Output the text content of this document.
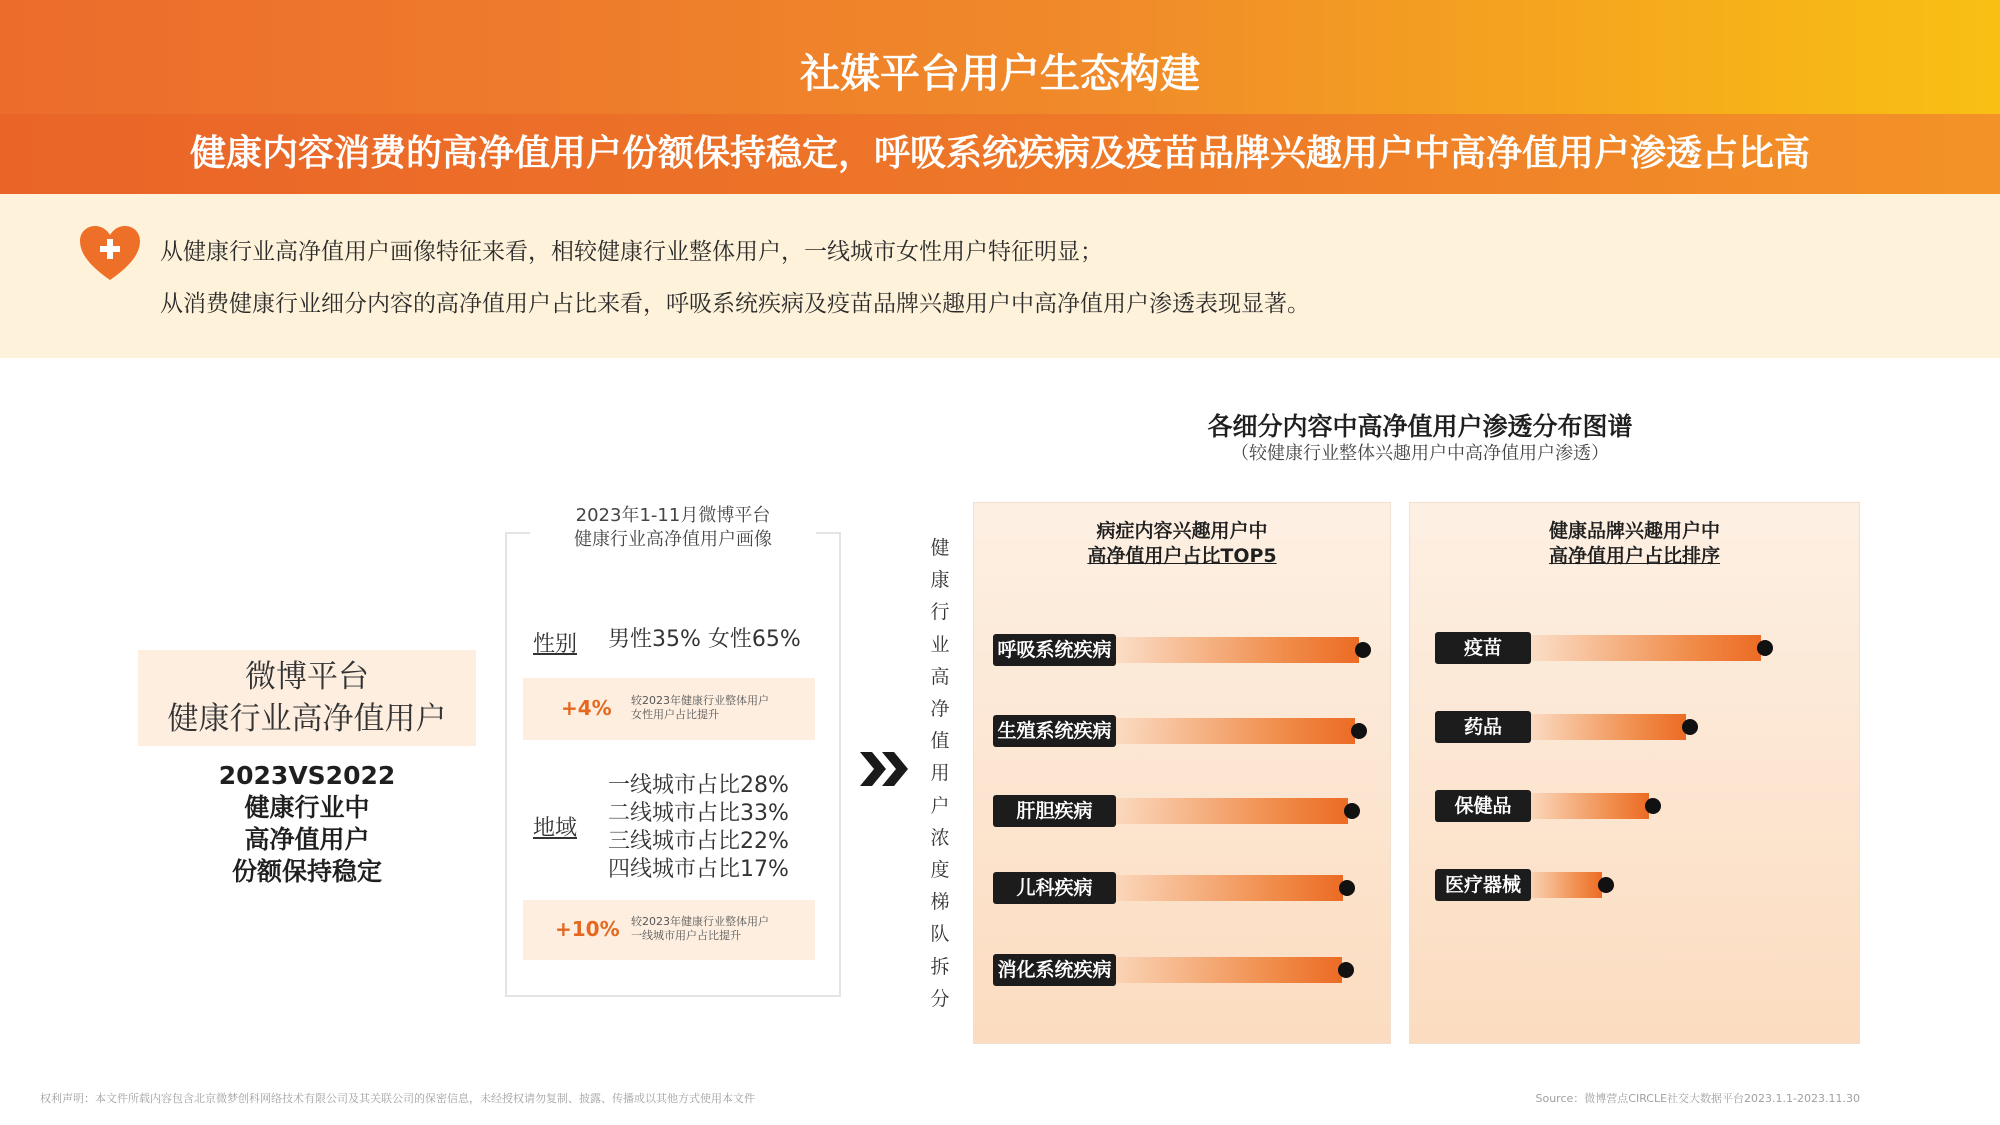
社媒平台用户生态构建
健康内容消费的高净值用户份额保持稳定，呼吸系统疾病及疫苗品牌兴趣用户中高净值用户渗透占比高
从健康行业高净值用户画像特征来看，相较健康行业整体用户，一线城市女性用户特征明显；
从消费健康行业细分内容的高净值用户占比来看，呼吸系统疾病及疫苗品牌兴趣用户中高净值用户渗透表现显著。
微博平台
健康行业高净值用户
2023VS2022
健康行业中
高净值用户
份额保持稳定
2023年1-11月微博平台
健康行业高净值用户画像
性别 男性35% 女性65%
+4% 较2023年健康行业整体用户
女性用户占比提升
地域
一线城市占比28%
二线城市占比33%
三线城市占比22%
四线城市占比17%
+10% 较2023年健康行业整体用户
一线城市用户占比提升
健康行业高净值用户浓度梯队拆分
各细分内容中高净值用户渗透分布图谱
（较健康行业整体兴趣用户中高净值用户渗透）
病症内容兴趣用户中
高净值用户占比TOP5
健康品牌兴趣用户中
高净值用户占比排序
呼吸系统疾病
生殖系统疾病
肝胆疾病
儿科疾病
消化系统疾病
疫苗
药品
保健品
医疗器械
权利声明：本文件所载内容包含北京微梦创科网络技术有限公司及其关联公司的保密信息，未经授权请勿复制、披露、传播或以其他方式使用本文件	Source：微博营点CIRCLE社交大数据平台2023.1.1-2023.11.30
